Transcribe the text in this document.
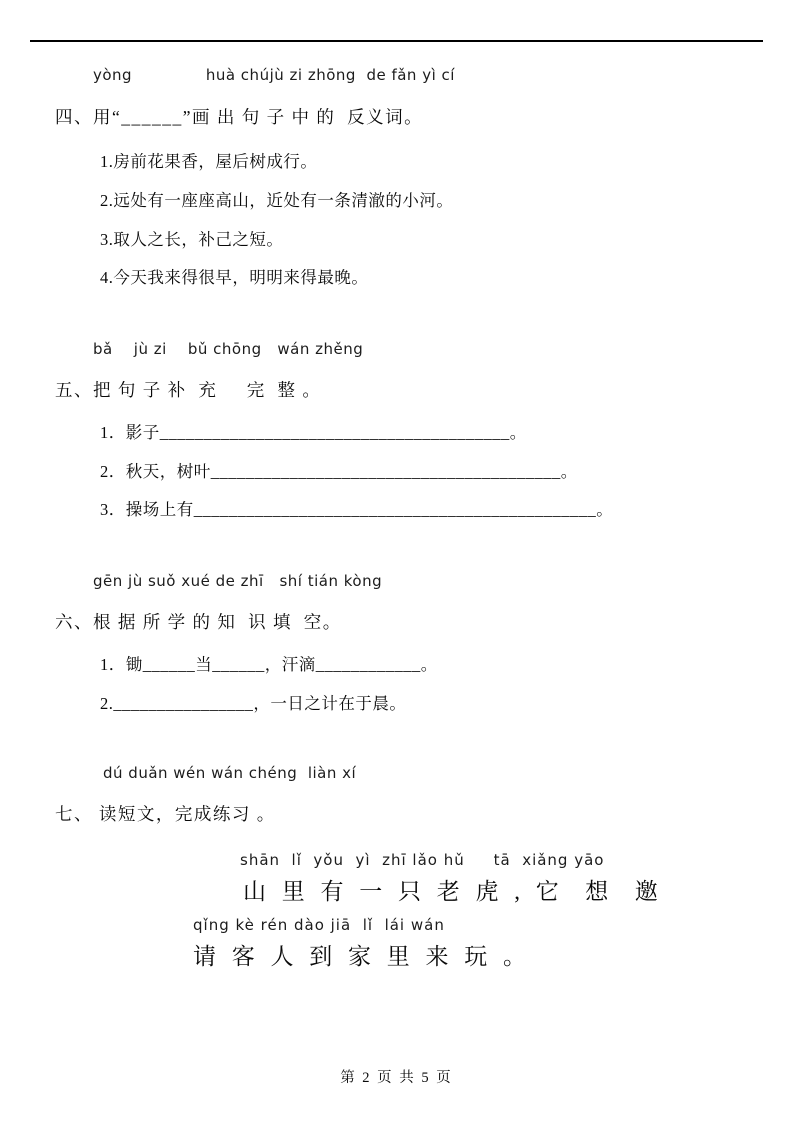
yòng              huà chújù zi zhōng  de fǎn yì cí
四、用“______”画 出 句 子 中 的  反义词。
1.房前花果香，屋后树成行。
2.远处有一座座高山，近处有一条清澈的小河。
3.取人之长，补己之短。
4.今天我来得很早，明明来得最晚。
bǎ    jù zi    bǔ chōng   wán zhěng
五、把 句 子 补  充     完  整 。
1．影子________________________________________。
2．秋天，树叶________________________________________。
3．操场上有______________________________________________。
gēn jù suǒ xué de zhī   shí tián kòng
六、根 据 所 学 的 知  识 填  空。
1．锄______当______，汗滴____________。
2.________________，一日之计在于晨。
dú duǎn wén wán chéng  liàn xí
七、 读短文，完成练习 。
shān  lǐ  yǒu  yì  zhī lǎo hǔ     tā  xiǎng yāo
山 里 有 一 只 老 虎 , 它  想  邀
qǐng kè rén dào jiā  lǐ  lái wán
请 客 人 到 家 里 来 玩 。
第 2 页 共 5 页
